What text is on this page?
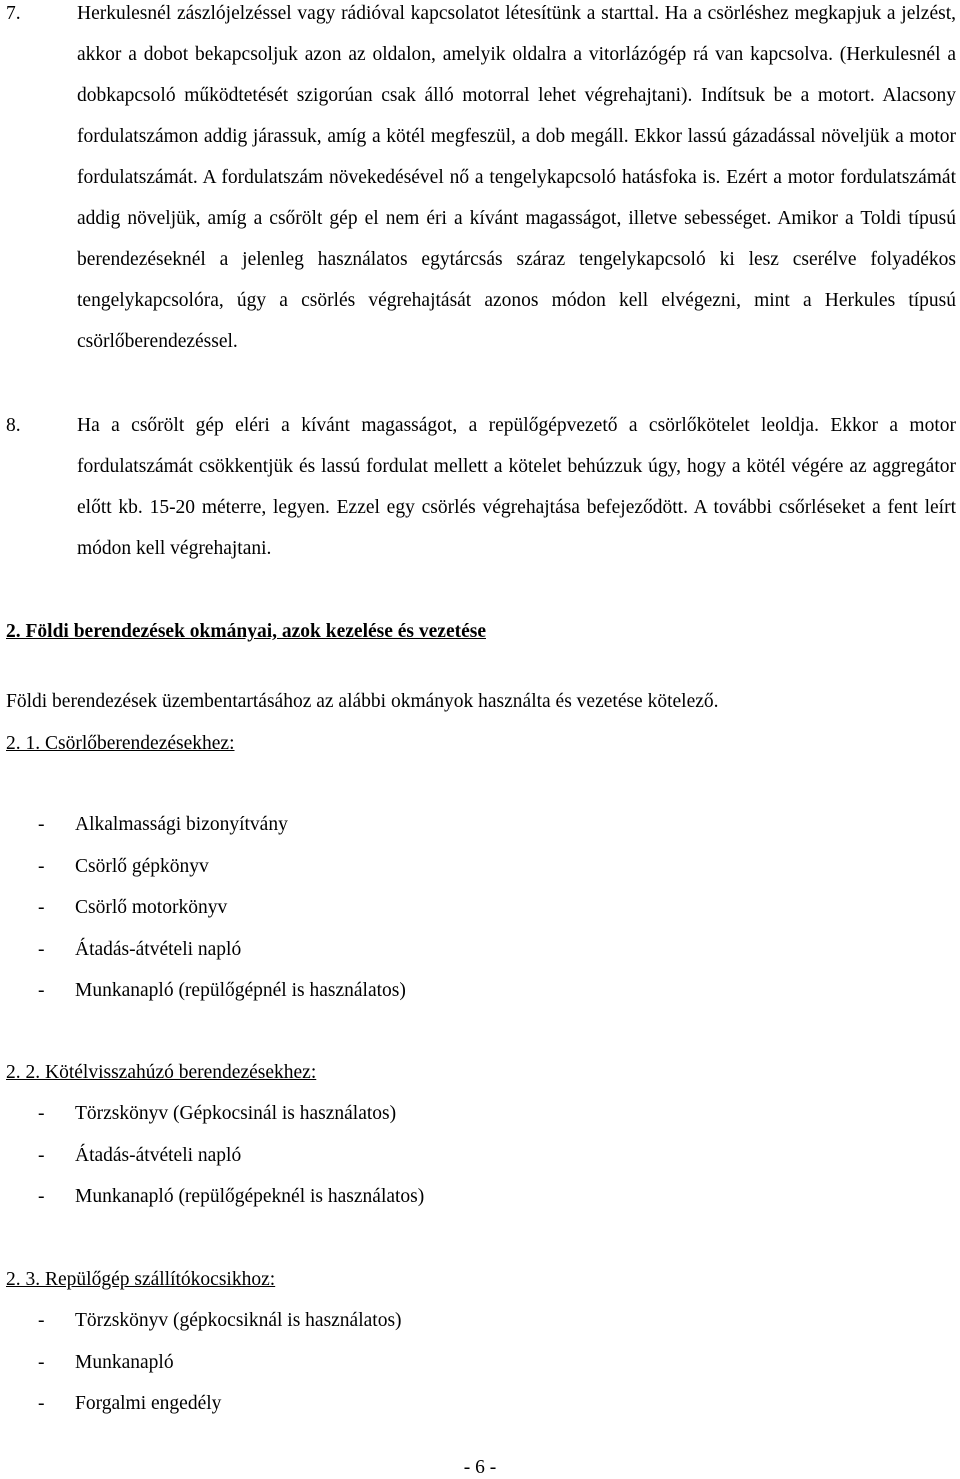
7.	Herkulesnél zászlójelzéssel vagy rádióval kapcsolatot létesítünk a starttal. Ha a csörléshez megkapjuk a jelzést, akkor a dobot bekapcsoljuk azon az oldalon, amelyik oldalra a vitorlázógép rá van kapcsolva. (Herkulesnél a dobkapcsoló működtetését szigorúan csak álló motorral lehet végrehajtani). Indítsuk be a motort. Alacsony fordulatszámon addig járassuk, amíg a kötél megfeszül, a dob megáll. Ekkor lassú gázadással növeljük a motor fordulatszámát. A fordulatszám növekedésével nő a tengelykapcsoló hatásfoka is. Ezért a motor fordulatszámát addig növeljük, amíg a csőrölt gép el nem éri a kívánt magasságot, illetve sebességet. Amikor a Toldi típusú berendezéseknél a jelenleg használatos egytárcsás száraz tengelykapcsoló ki lesz cserélve folyadékos tengelykapcsolóra, úgy a csörlés végrehajtását azonos módon kell elvégezni, mint a Herkules típusú csörlőberendezéssel.
8.	Ha a csőrölt gép eléri a kívánt magasságot, a repülőgépvezető a csörlőkötelet leoldja. Ekkor a motor fordulatszámát csökkentjük és lassú fordulat mellett a kötelet behúzzuk úgy, hogy a kötél végére az aggregátor előtt kb. 15-20 méterre, legyen. Ezzel egy csörlés végrehajtása befejeződött. A további csőrléseket a fent leírt módon kell végrehajtani.
2. Földi berendezések okmányai, azok kezelése és vezetése
Földi berendezések üzembentartásához az alábbi okmányok használta és vezetése kötelező.
2. 1. Csörlőberendezésekhez:
- Alkalmassági bizonyítvány
- Csörlő gépkönyv
- Csörlő motorkönyv
- Átadás-átvételi napló
- Munkanapló (repülőgépnél is használatos)
2. 2. Kötélvisszahúzó berendezésekhez:
- Törzskönyv (Gépkocsinál is használatos)
- Átadás-átvételi napló
- Munkanapló (repülőgépeknél is használatos)
2. 3. Repülőgép szállítókocsikhoz:
- Törzskönyv (gépkocsiknál is használatos)
- Munkanapló
- Forgalmi engedély
- 6 -
